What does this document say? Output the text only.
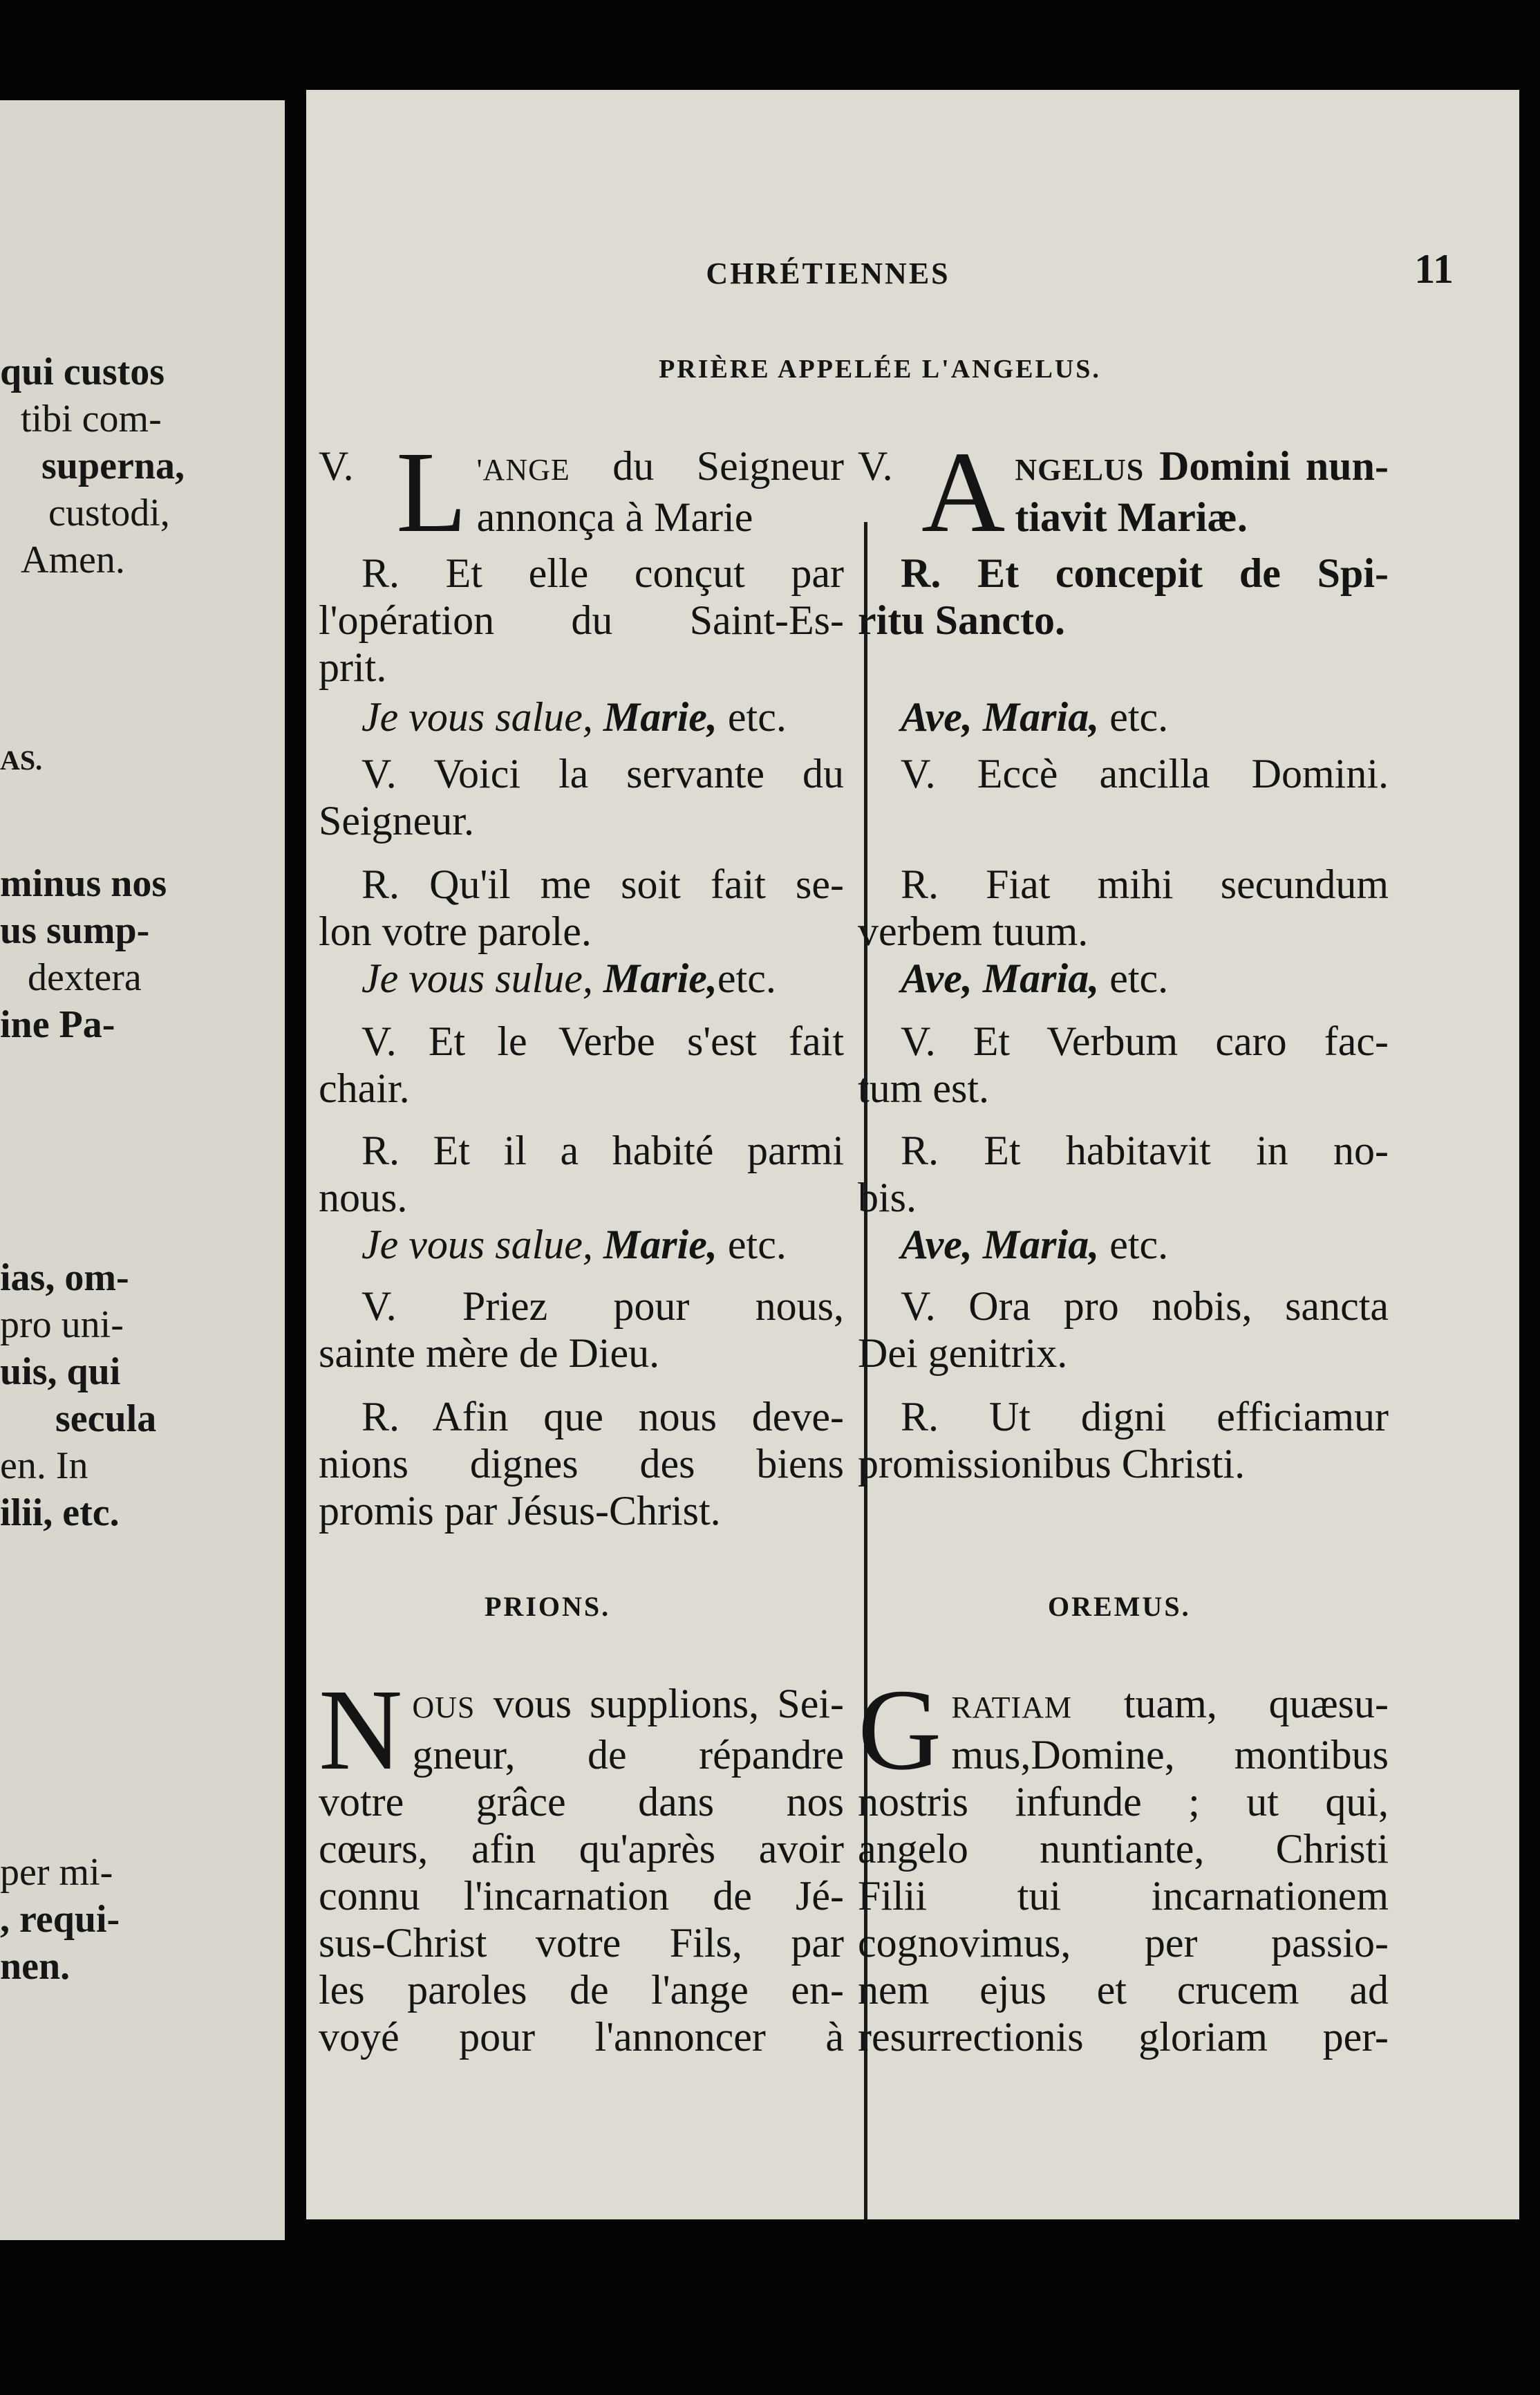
qui custos
tibi com-
superna,
custodi,
Amen.
AS.
minus nos
us sump-
dextera
ine Pa-
ias, om-
pro uni-
uis, qui
secula
en. In
ilii, etc.
per mi-
, requi-
nen.
CHRÉTIENNES	11
PRIÈRE APPELÉE L'ANGELUS.
V. L 'ANGE du Seigneur
annonça à Marie
R. Et elle conçut par
l'opération du Saint-Es-
prit.
Je vous salue, Marie, etc.
V. Voici la servante du
Seigneur.
R. Qu'il me soit fait se-
lon votre parole.
Je vous sulue, Marie,etc.
V. Et le Verbe s'est fait
chair.
R. Et il a habité parmi
nous.
Je vous salue, Marie, etc.
V. Priez pour nous,
sainte mère de Dieu.
R. Afin que nous deve-
nions dignes des biens
promis par Jésus-Christ.
PRIONS.
N OUS vous supplions, Sei-
gneur, de répandre
votre grâce dans nos
cœurs, afin qu'après avoir
connu l'incarnation de Jé-
sus-Christ votre Fils, par
les paroles de l'ange en-
voyé pour l'annoncer à
V. A NGELUS Domini nun-
tiavit Mariæ.
R. Et concepit de Spi-
ritu Sancto.
Ave, Maria, etc.
V. Eccè ancilla Domini.
R. Fiat mihi secundum
verbem tuum.
Ave, Maria, etc.
V. Et Verbum caro fac-
tum est.
R. Et habitavit in no-
bis.
Ave, Maria, etc.
V. Ora pro nobis, sancta
Dei genitrix.
R. Ut digni efficiamur
promissionibus Christi.
OREMUS.
G RATIAM tuam, quæsu-
mus,Domine, montibus
nostris infunde ; ut qui,
angelo nuntiante, Christi
Filii tui incarnationem
cognovimus, per passio-
nem ejus et crucem ad
resurrectionis gloriam per-
